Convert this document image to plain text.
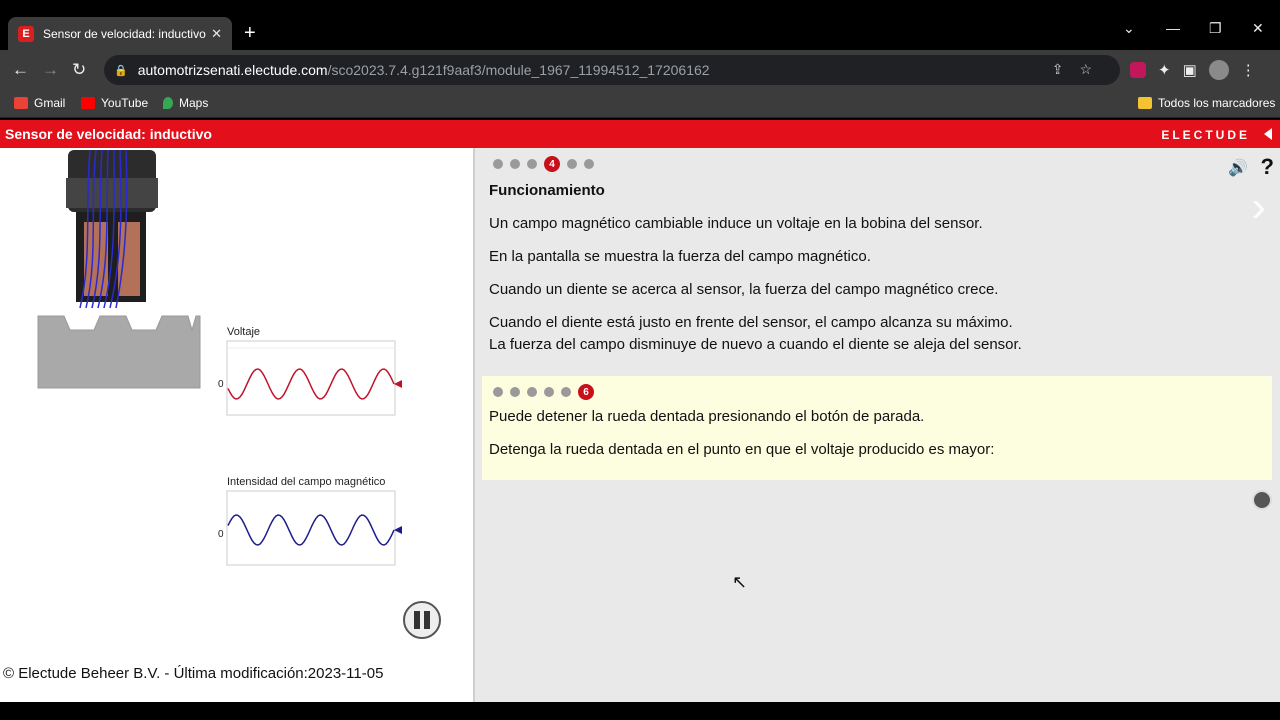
E	Sensor de velocidad: inductivo ✕ +	⌄ — ❐ ✕
← → ↻	🔒 automotrizsenati.electude.com /sco2023.7.4.g121f9aaf3/module_1967_11994512_17206162	⇪☆	✦ ▣	⋮
Gmail	YouTube	Maps	Todos los marcadores
Sensor de velocidad: inductivo	ELECTUDE
Voltaje
0
Intensidad del campo magnético
0
© Electude Beheer B.V. - Última modificación:2023-11-05
4	🔊 ?
›
Funcionamiento
Un campo magnético cambiable induce un voltaje en la bobina del sensor.
En la pantalla se muestra la fuerza del campo magnético.
Cuando un diente se acerca al sensor, la fuerza del campo magnético crece.
Cuando el diente está justo en frente del sensor, el campo alcanza su máximo.
La fuerza del campo disminuye de nuevo a cuando el diente se aleja del sensor.
6
Puede detener la rueda dentada presionando el botón de parada.
Detenga la rueda dentada en el punto en que el voltaje producido es mayor:
↖
